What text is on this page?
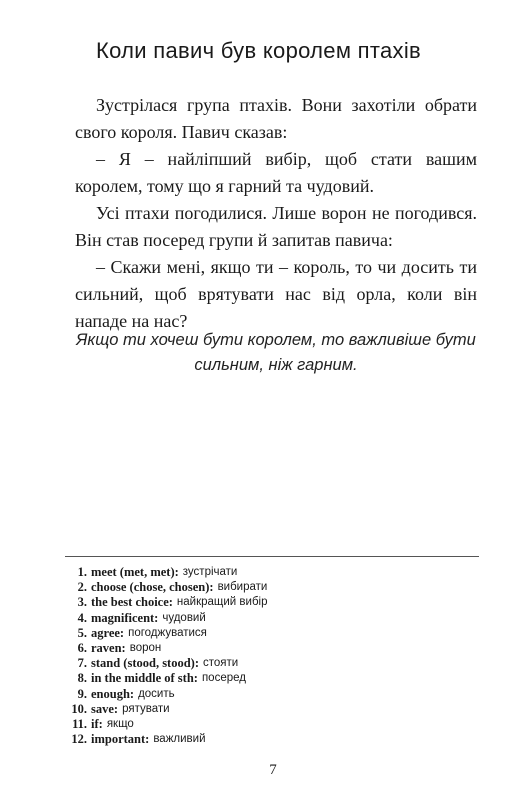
Коли павич був королем птахів

Зустрілася група птахів. Вони захотіли обрати свого короля. Павич сказав:

– Я – найліпший вибір, щоб стати вашим королем, тому що я гарний та чудовий.

Усі птахи погодилися. Лише ворон не погодився. Він став посеред групи й запитав павича:

– Скажи мені, якщо ти – король, то чи досить ти сильний, щоб врятувати нас від орла, коли він нападе на нас?

Якщо ти хочеш бути королем, то важливіше бути
сильним, ніж гарним.
1. meet (met, met): зустрічати
2. choose (chose, chosen): вибирати
3. the best choice: найкращий вибір
4. magnificent: чудовий
5. agree: погоджуватися
6. raven: ворон
7. stand (stood, stood): стояти
8. in the middle of sth: посеред
9. enough: досить
10. save: рятувати
11. if: якщо
12. important: важливий
7
